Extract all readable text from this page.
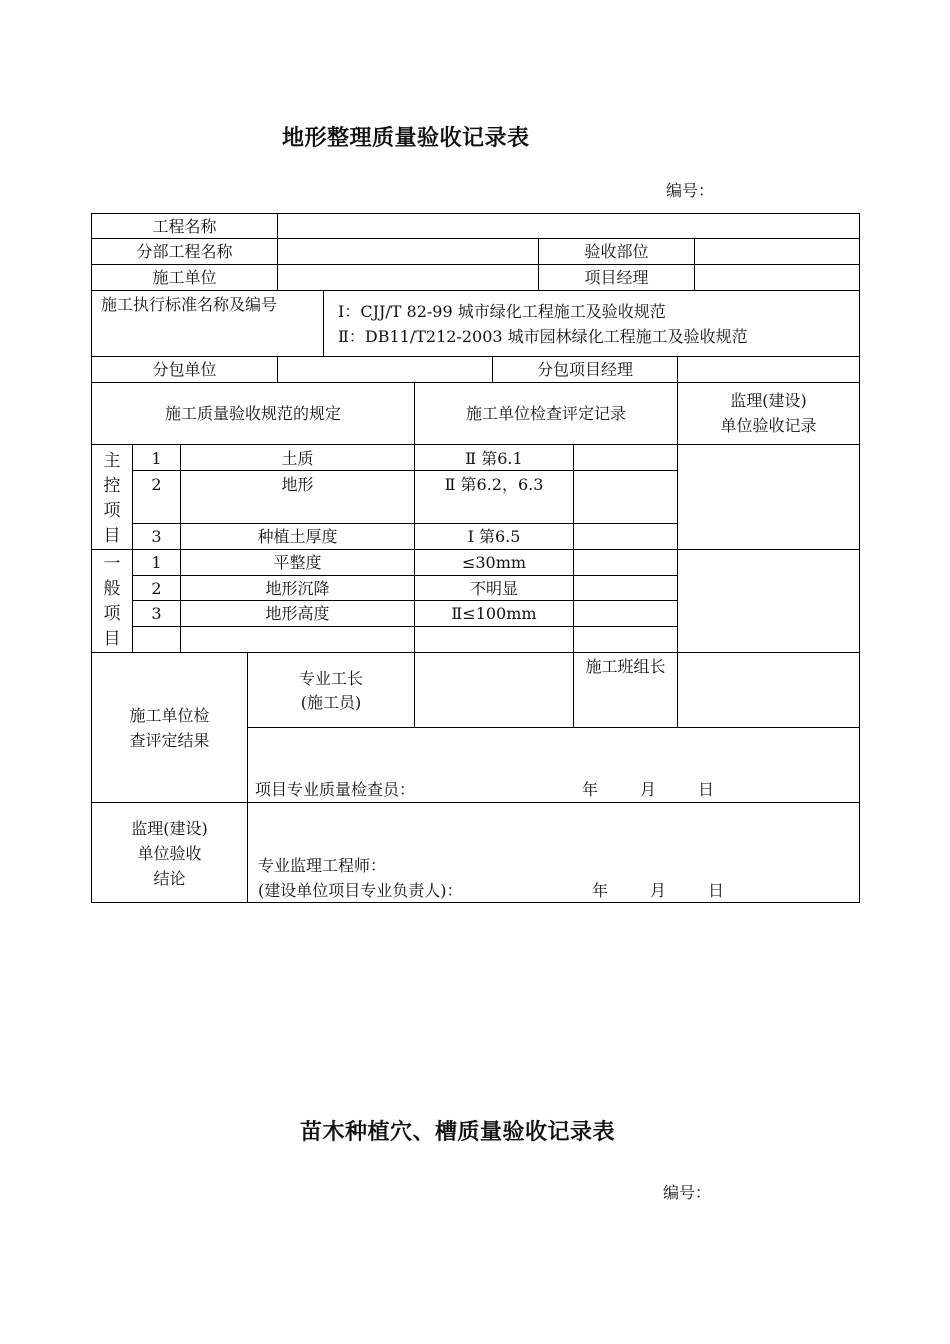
地形整理质量验收记录表
编号：
工程名称
分部工程名称	验收部位
施工单位	项目经理
施工执行标准名称及编号	Ⅰ：CJJ/T 82-99 城市绿化工程施工及验收规范
Ⅱ：DB11/T212-2003 城市园林绿化工程施工及验收规范
分包单位	分包项目经理
施工质量验收规范的规定	施工单位检查评定记录
监理(建设)
单位验收记录
主
控
项
目
1	土质	Ⅱ 第6.1
2	地形	Ⅱ 第6.2，6.3
3	种植土厚度	Ⅰ 第6.5
一
般
项
目
1	平整度	≤30mm
2	地形沉降	不明显
3	地形高度	Ⅱ≤100mm
施工单位检
查评定结果
专业工长
(施工员)
施工班组长
项目专业质量检查员：	年	月	日
监理(建设)
单位验收
结论
专业监理工程师：
(建设单位项目专业负责人)：	年	月	日
苗木种植穴、槽质量验收记录表
编号：
